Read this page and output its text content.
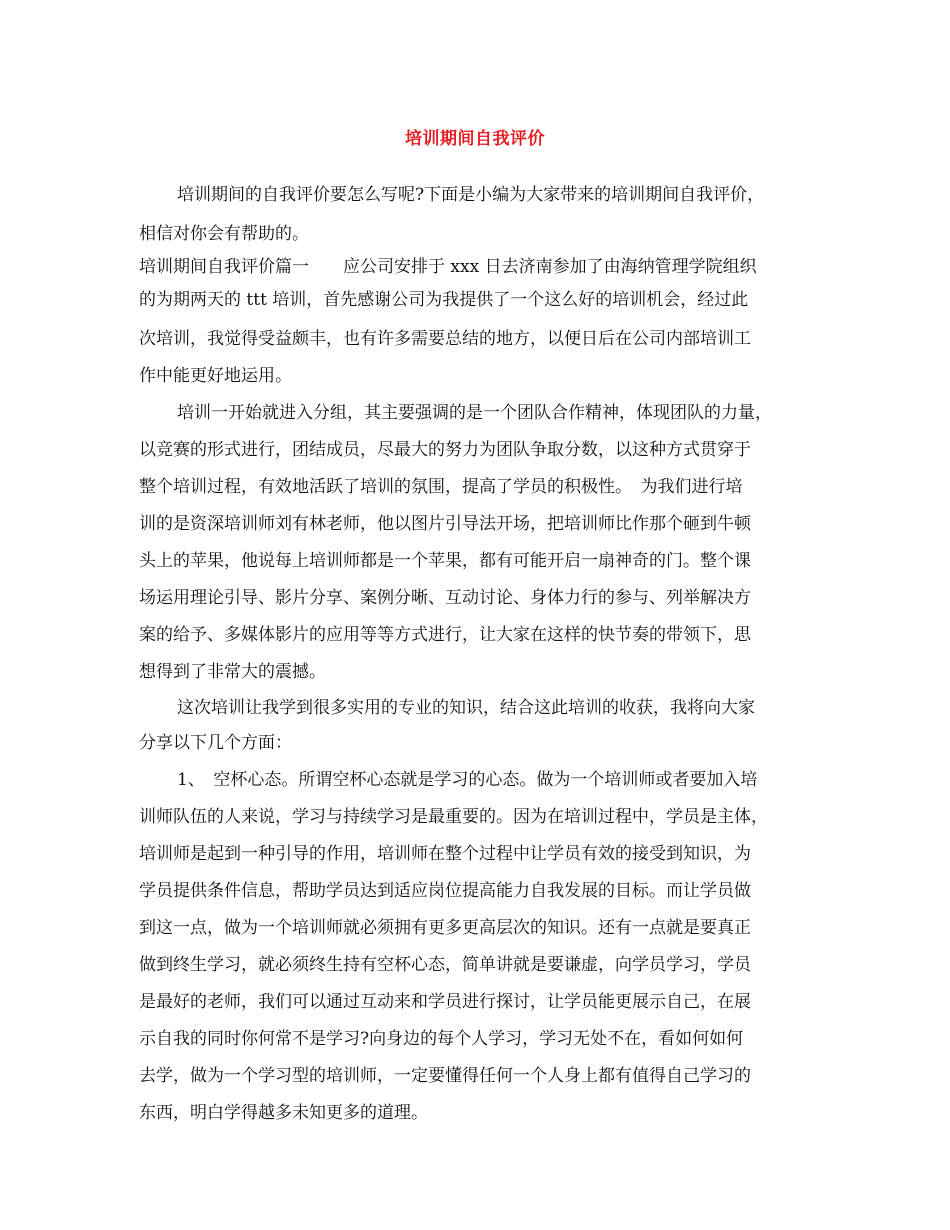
培训期间自我评价
培训期间的自我评价要怎么写呢?下面是小编为大家带来的培训期间自我评价，
相信对你会有帮助的。
培训期间自我评价篇一　　应公司安排于 xxx 日去济南参加了由海纳管理学院组织
的为期两天的 ttt 培训，首先感谢公司为我提供了一个这么好的培训机会，经过此
次培训，我觉得受益颇丰，也有许多需要总结的地方，以便日后在公司内部培训工
作中能更好地运用。
培训一开始就进入分组，其主要强调的是一个团队合作精神，体现团队的力量，
以竞赛的形式进行，团结成员，尽最大的努力为团队争取分数，以这种方式贯穿于
整个培训过程，有效地活跃了培训的氛围，提高了学员的积极性。　为我们进行培
训的是资深培训师刘有林老师，他以图片引导法开场，把培训师比作那个砸到牛顿
头上的苹果，他说每上培训师都是一个苹果，都有可能开启一扇神奇的门。整个课
场运用理论引导、影片分享、案例分晰、互动讨论、身体力行的参与、列举解决方
案的给予、多媒体影片的应用等等方式进行，让大家在这样的快节奏的带领下，思
想得到了非常大的震撼。
这次培训让我学到很多实用的专业的知识，结合这此培训的收获，我将向大家
分享以下几个方面：
1、　空杯心态。所谓空杯心态就是学习的心态。做为一个培训师或者要加入培
训师队伍的人来说，学习与持续学习是最重要的。因为在培训过程中，学员是主体，
培训师是起到一种引导的作用，培训师在整个过程中让学员有效的接受到知识，为
学员提供条件信息，帮助学员达到适应岗位提高能力自我发展的目标。而让学员做
到这一点，做为一个培训师就必须拥有更多更高层次的知识。还有一点就是要真正
做到终生学习，就必须终生持有空杯心态，简单讲就是要谦虚，向学员学习，学员
是最好的老师，我们可以通过互动来和学员进行探讨，让学员能更展示自己，在展
示自我的同时你何常不是学习?向身边的每个人学习，学习无处不在，看如何如何
去学，做为一个学习型的培训师，一定要懂得任何一个人身上都有值得自己学习的
东西，明白学得越多未知更多的道理。
